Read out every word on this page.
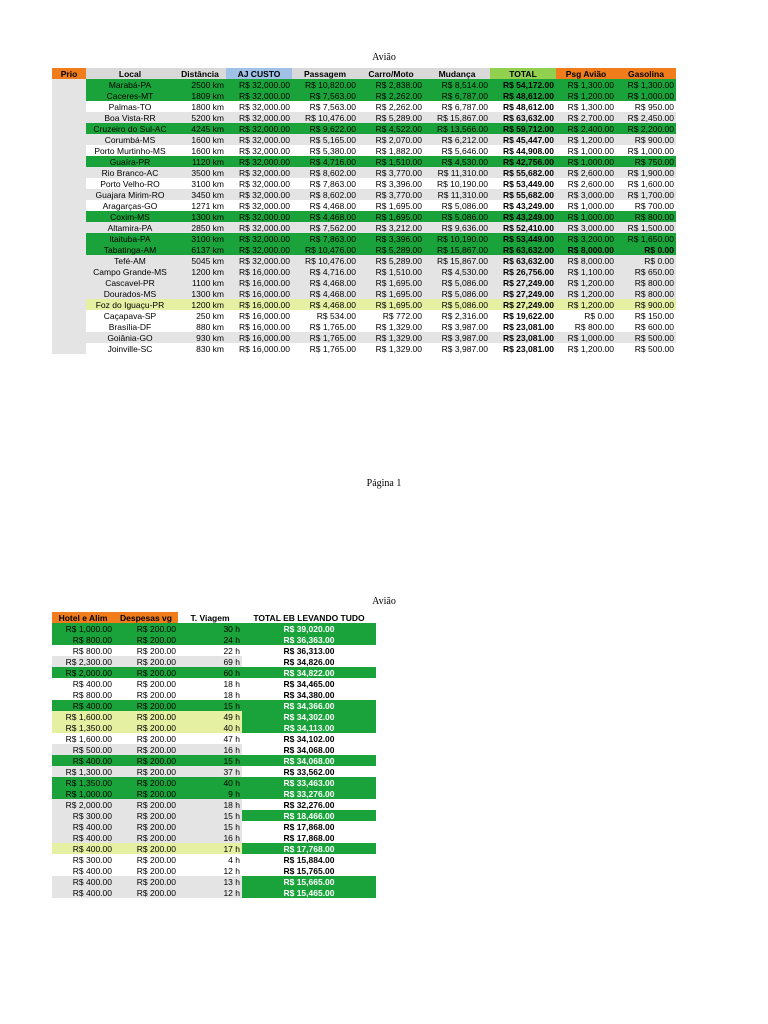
Avião
Prio	Local	Distância	AJ CUSTO	Passagem	Carro/Moto	Mudança	TOTAL	Psg Avião	Gasolina
	Marabá-PA	2500 km	R$ 32,000.00	R$ 10,820.00	R$ 2,838.00	R$ 8,514.00	R$ 54,172.00	R$ 1,300.00	R$ 1,300.00
	Caceres-MT	1809 km	R$ 32,000.00	R$ 7,563.00	R$ 2,262.00	R$ 6,787.00	R$ 48,612.00	R$ 1,200.00	R$ 1,000.00
	Palmas-TO	1800 km	R$ 32,000.00	R$ 7,563.00	R$ 2,262.00	R$ 6,787.00	R$ 48,612.00	R$ 1,300.00	R$ 950.00
	Boa Vista-RR	5200 km	R$ 32,000.00	R$ 10,476.00	R$ 5,289.00	R$ 15,867.00	R$ 63,632.00	R$ 2,700.00	R$ 2,450.00
	Cruzeiro do Sul-AC	4245 km	R$ 32,000.00	R$ 9,622.00	R$ 4,522.00	R$ 13,566.00	R$ 59,712.00	R$ 2,400.00	R$ 2,200.00
	Corumbá-MS	1600 km	R$ 32,000.00	R$ 5,165.00	R$ 2,070.00	R$ 6,212.00	R$ 45,447.00	R$ 1,200.00	R$ 900.00
	Porto Murtinho-MS	1600 km	R$ 32,000.00	R$ 5,380.00	R$ 1,882.00	R$ 5,646.00	R$ 44,908.00	R$ 1,000.00	R$ 1,000.00
	Guaíra-PR	1120 km	R$ 32,000.00	R$ 4,716.00	R$ 1,510.00	R$ 4,530.00	R$ 42,756.00	R$ 1,000.00	R$ 750.00
	Rio Branco-AC	3500 km	R$ 32,000.00	R$ 8,602.00	R$ 3,770.00	R$ 11,310.00	R$ 55,682.00	R$ 2,600.00	R$ 1,900.00
	Porto Velho-RO	3100 km	R$ 32,000.00	R$ 7,863.00	R$ 3,396.00	R$ 10,190.00	R$ 53,449.00	R$ 2,600.00	R$ 1,600.00
	Guajara Mirim-RO	3450 km	R$ 32,000.00	R$ 8,602.00	R$ 3,770.00	R$ 11,310.00	R$ 55,682.00	R$ 3,000.00	R$ 1,700.00
	Aragarças-GO	1271 km	R$ 32,000.00	R$ 4,468.00	R$ 1,695.00	R$ 5,086.00	R$ 43,249.00	R$ 1,000.00	R$ 700.00
	Coxim-MS	1300 km	R$ 32,000.00	R$ 4,468.00	R$ 1,695.00	R$ 5,086.00	R$ 43,249.00	R$ 1,000.00	R$ 800.00
	Altamira-PA	2850 km	R$ 32,000.00	R$ 7,562.00	R$ 3,212.00	R$ 9,636.00	R$ 52,410.00	R$ 3,000.00	R$ 1,500.00
	Itaituba-PA	3100 km	R$ 32,000.00	R$ 7,863.00	R$ 3,396.00	R$ 10,190.00	R$ 53,449.00	R$ 3,200.00	R$ 1,650.00
	Tabatinga-AM	6137 km	R$ 32,000.00	R$ 10,476.00	R$ 5,289.00	R$ 15,867.00	R$ 63,632.00	R$ 8,000.00	R$ 0.00
	Tefé-AM	5045 km	R$ 32,000.00	R$ 10,476.00	R$ 5,289.00	R$ 15,867.00	R$ 63,632.00	R$ 8,000.00	R$ 0.00
	Campo Grande-MS	1200 km	R$ 16,000.00	R$ 4,716.00	R$ 1,510.00	R$ 4,530.00	R$ 26,756.00	R$ 1,100.00	R$ 650.00
	Cascavel-PR	1100 km	R$ 16,000.00	R$ 4,468.00	R$ 1,695.00	R$ 5,086.00	R$ 27,249.00	R$ 1,200.00	R$ 800.00
	Dourados-MS	1300 km	R$ 16,000.00	R$ 4,468.00	R$ 1,695.00	R$ 5,086.00	R$ 27,249.00	R$ 1,200.00	R$ 800.00
	Foz do Iguaçu-PR	1200 km	R$ 16,000.00	R$ 4,468.00	R$ 1,695.00	R$ 5,086.00	R$ 27,249.00	R$ 1,200.00	R$ 900.00
	Caçapava-SP	250 km	R$ 16,000.00	R$ 534.00	R$ 772.00	R$ 2,316.00	R$ 19,622.00	R$ 0.00	R$ 150.00
	Brasília-DF	880 km	R$ 16,000.00	R$ 1,765.00	R$ 1,329.00	R$ 3,987.00	R$ 23,081.00	R$ 800.00	R$ 600.00
	Goiânia-GO	930 km	R$ 16,000.00	R$ 1,765.00	R$ 1,329.00	R$ 3,987.00	R$ 23,081.00	R$ 1,000.00	R$ 500.00
	Joinville-SC	830 km	R$ 16,000.00	R$ 1,765.00	R$ 1,329.00	R$ 3,987.00	R$ 23,081.00	R$ 1,200.00	R$ 500.00
Página 1
Avião
Hotel e Alim	Despesas vg	T. Viagem	TOTAL EB LEVANDO TUDO
R$ 1,000.00	R$ 200.00	30 h	R$ 39,020.00
R$ 800.00	R$ 200.00	24 h	R$ 36,363.00
R$ 800.00	R$ 200.00	22 h	R$ 36,313.00
R$ 2,300.00	R$ 200.00	69 h	R$ 34,826.00
R$ 2,000.00	R$ 200.00	60 h	R$ 34,822.00
R$ 400.00	R$ 200.00	18 h	R$ 34,465.00
R$ 800.00	R$ 200.00	18 h	R$ 34,380.00
R$ 400.00	R$ 200.00	15 h	R$ 34,366.00
R$ 1,600.00	R$ 200.00	49 h	R$ 34,302.00
R$ 1,350.00	R$ 200.00	40 h	R$ 34,113.00
R$ 1,600.00	R$ 200.00	47 h	R$ 34,102.00
R$ 500.00	R$ 200.00	16 h	R$ 34,068.00
R$ 400.00	R$ 200.00	15 h	R$ 34,068.00
R$ 1,300.00	R$ 200.00	37 h	R$ 33,562.00
R$ 1,350.00	R$ 200.00	40 h	R$ 33,463.00
R$ 1,000.00	R$ 200.00	9 h	R$ 33,276.00
R$ 2,000.00	R$ 200.00	18 h	R$ 32,276.00
R$ 300.00	R$ 200.00	15 h	R$ 18,466.00
R$ 400.00	R$ 200.00	15 h	R$ 17,868.00
R$ 400.00	R$ 200.00	16 h	R$ 17,868.00
R$ 400.00	R$ 200.00	17 h	R$ 17,768.00
R$ 300.00	R$ 200.00	4 h	R$ 15,884.00
R$ 400.00	R$ 200.00	12 h	R$ 15,765.00
R$ 400.00	R$ 200.00	13 h	R$ 15,665.00
R$ 400.00	R$ 200.00	12 h	R$ 15,465.00
